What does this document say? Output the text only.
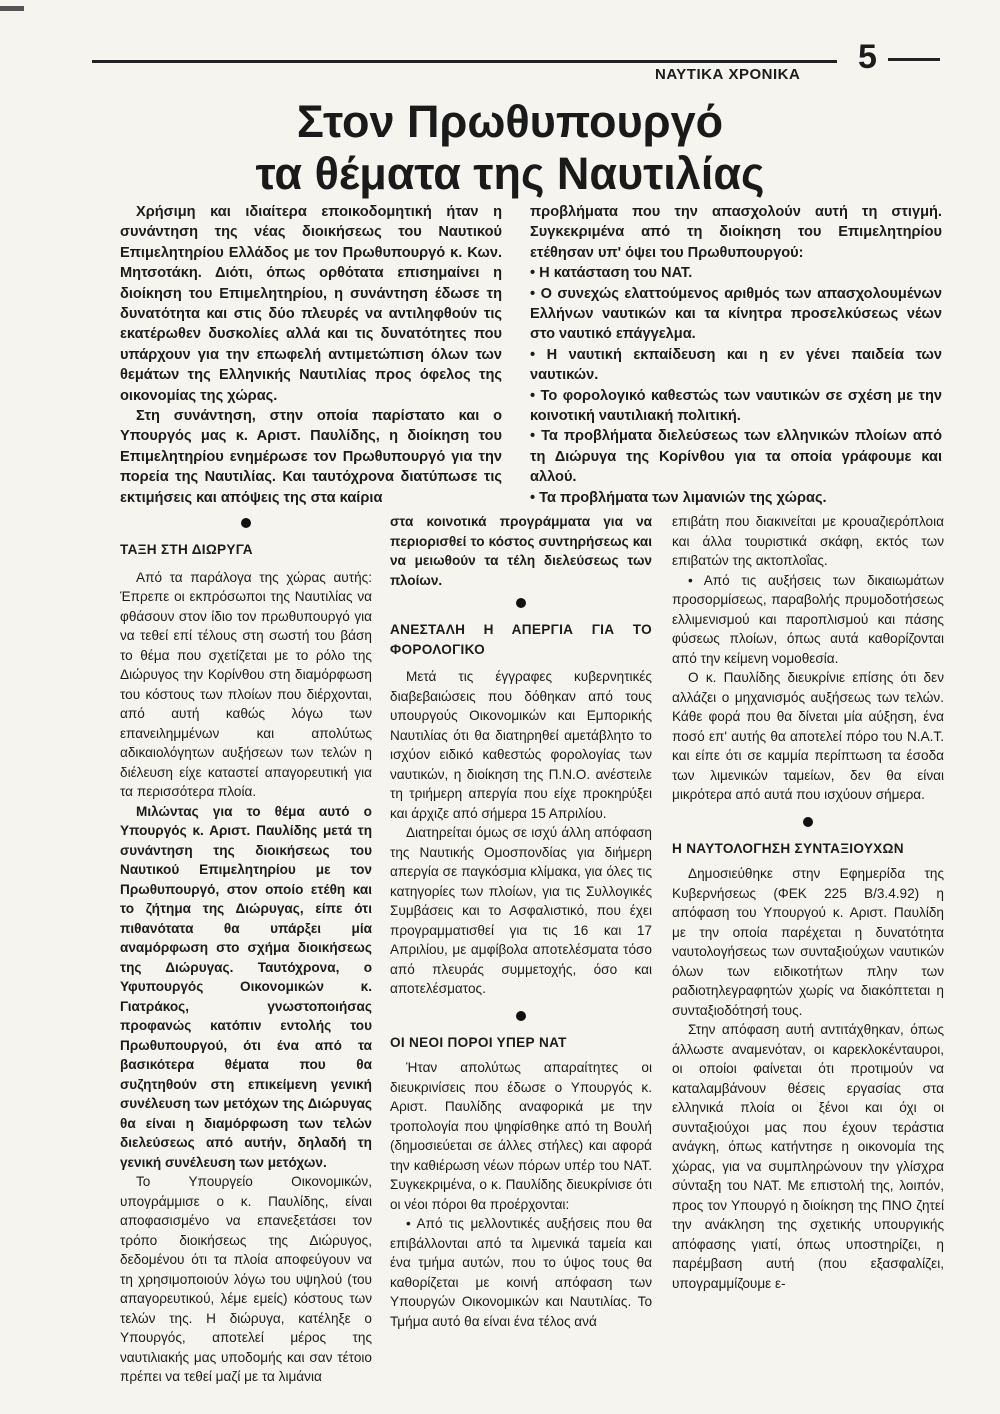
ΝΑΥΤΙΚΑ ΧΡΟΝΙΚΑ 5
Στον Πρωθυπουργό
τα θέματα της Ναυτιλίας

Χρήσιμη και ιδιαίτερα εποικοδομητική ήταν η συνάντηση της νέας διοικήσεως του Ναυτικού Επιμελητηρίου Ελλάδος με τον Πρωθυπουργό κ. Κων. Μητσοτάκη. Διότι, όπως ορθότατα επισημαίνει η διοίκηση του Επιμελητηρίου, η συνάντηση έδωσε τη δυνατότητα και στις δύο πλευρές να αντιληφθούν τις εκατέρωθεν δυσκολίες αλλά και τις δυνατότητες που υπάρχουν για την επωφελή αντιμετώπιση όλων των θεμάτων της Ελληνικής Ναυτιλίας προς όφελος της οικονομίας της χώρας.

Στη συνάντηση, στην οποία παρίστατο και ο Υπουργός μας κ. Αριστ. Παυλίδης, η διοίκηση του Επιμελητηρίου ενημέρωσε τον Πρωθυπουργό για την πορεία της Ναυτιλίας. Και ταυτόχρονα διατύπωσε τις εκτιμήσεις και απόψεις της στα καίρια

προβλήματα που την απασχολούν αυτή τη στιγμή. Συγκεκριμένα από τη διοίκηση του Επιμελητηρίου ετέθησαν υπ' όψει του Πρωθυπουργού:

• Η κατάσταση του ΝΑΤ.

• Ο συνεχώς ελαττούμενος αριθμός των απασχολουμένων Ελλήνων ναυτικών και τα κίνητρα προσελκύσεως νέων στο ναυτικό επάγγελμα.

• Η ναυτική εκπαίδευση και η εν γένει παιδεία των ναυτικών.

• Το φορολογικό καθεστώς των ναυτικών σε σχέση με την κοινοτική ναυτιλιακή πολιτική.

• Τα προβλήματα διελεύσεως των ελληνικών πλοίων από τη Διώρυγα της Κορίνθου για τα οποία γράφουμε και αλλού.

• Τα προβλήματα των λιμανιών της χώρας.

ΤΑΞΗ ΣΤΗ ΔΙΩΡΥΓΑ

Από τα παράλογα της χώρας αυτής: Έπρεπε οι εκπρόσωποι της Ναυτιλίας να φθάσουν στον ίδιο τον πρωθυπουργό για να τεθεί επί τέλους στη σωστή του βάση το θέμα που σχετίζεται με το ρόλο της Διώρυγος την Κορίνθου στη διαμόρφωση του κόστους των πλοίων που διέρχονται, από αυτή καθώς λόγω των επανειλημμένων και απολύτως αδικαιολόγητων αυξήσεων των τελών η διέλευση είχε καταστεί απαγορευτική για τα περισσότερα πλοία.

Μιλώντας για το θέμα αυτό ο Υπουργός κ. Αριστ. Παυλίδης μετά τη συνάντηση της διοικήσεως του Ναυτικού Επιμελητηρίου με τον Πρωθυπουργό, στον οποίο ετέθη και το ζήτημα της Διώρυγας, είπε ότι πιθανότατα θα υπάρξει μία αναμόρφωση στο σχήμα διοικήσεως της Διώρυγας. Ταυτόχρονα, ο Υφυπουργός Οικονομικών κ. Γιατράκος, γνωστοποιήσας προφανώς κατόπιν εντολής του Πρωθυπουργού, ότι ένα από τα βασικότερα θέματα που θα συζητηθούν στη επικείμενη γενική συνέλευση των μετόχων της Διώρυγας θα είναι η διαμόρφωση των τελών διελεύσεως από αυτήν, δηλαδή τη γενική συνέλευση των μετόχων.

Το Υπουργείο Οικονομικών, υπογράμμισε ο κ. Παυλίδης, είναι αποφασισμένο να επανεξετάσει τον τρόπο διοικήσεως της Διώρυγος, δεδομένου ότι τα πλοία αποφεύγουν να τη χρησιμοποιούν λόγω του υψηλού (του απαγορευτικού, λέμε εμείς) κόστους των τελών της. Η διώρυγα, κατέληξε ο Υπουργός, αποτελεί μέρος της ναυτιλιακής μας υποδομής και σαν τέτοιο πρέπει να τεθεί μαζί με τα λιμάνια

στα κοινοτικά προγράμματα για να περιορισθεί το κόστος συντηρήσεως και να μειωθούν τα τέλη διελεύσεως των πλοίων.

ΑΝΕΣΤΑΛΗ Η ΑΠΕΡΓΙΑ ΓΙΑ ΤΟ ΦΟΡΟΛΟΓΙΚΟ

Μετά τις έγγραφες κυβερνητικές διαβεβαιώσεις που δόθηκαν από τους υπουργούς Οικονομικών και Εμπορικής Ναυτιλίας ότι θα διατηρηθεί αμετάβλητο το ισχύον ειδικό καθεστώς φορολογίας των ναυτικών, η διοίκηση της Π.Ν.Ο. ανέστειλε τη τριήμερη απεργία που είχε προκηρύξει και άρχιζε από σήμερα 15 Απριλίου.

Διατηρείται όμως σε ισχύ άλλη απόφαση της Ναυτικής Ομοσπονδίας για διήμερη απεργία σε παγκόσμια κλίμακα, για όλες τις κατηγορίες των πλοίων, για τις Συλλογικές Συμβάσεις και το Ασφαλιστικό, που έχει προγραμματισθεί για τις 16 και 17 Απριλίου, με αμφίβολα αποτελέσματα τόσο από πλευράς συμμετοχής, όσο και αποτελέσματος.

ΟΙ ΝΕΟΙ ΠΟΡΟΙ ΥΠΕΡ ΝΑΤ

Ήταν απολύτως απαραίτητες οι διευκρινίσεις που έδωσε ο Υπουργός κ. Αριστ. Παυλίδης αναφορικά με την τροπολογία που ψηφίσθηκε από τη Βουλή (δημοσιεύεται σε άλλες στήλες) και αφορά την καθιέρωση νέων πόρων υπέρ του ΝΑΤ. Συγκεκριμένα, ο κ. Παυλίδης διευκρίνισε ότι οι νέοι πόροι θα προέρχονται:

• Από τις μελλοντικές αυξήσεις που θα επιβάλλονται από τα λιμενικά ταμεία και ένα τμήμα αυτών, που το ύψος τους θα καθορίζεται με κοινή απόφαση των Υπουργών Οικονομικών και Ναυτιλίας. Το Τμήμα αυτό θα είναι ένα τέλος ανά

επιβάτη που διακινείται με κρουαζιερόπλοια και άλλα τουριστικά σκάφη, εκτός των επιβατών της ακτοπλοΐας.

• Από τις αυξήσεις των δικαιωμάτων προσορμίσεως, παραβολής πρυμοδοτήσεως ελλιμενισμού και παροπλισμού και πάσης φύσεως πλοίων, όπως αυτά καθορίζονται από την κείμενη νομοθεσία.

Ο κ. Παυλίδης διευκρίνιε επίσης ότι δεν αλλάζει ο μηχανισμός αυξήσεως των τελών. Κάθε φορά που θα δίνεται μία αύξηση, ένα ποσό επ' αυτής θα αποτελεί πόρο του Ν.Α.Τ. και είπε ότι σε καμμία περίπτωση τα έσοδα των λιμενικών ταμείων, δεν θα είναι μικρότερα από αυτά που ισχύουν σήμερα.

Η ΝΑΥΤΟΛΟΓΗΣΗ ΣΥΝΤΑΞΙΟΥΧΩΝ

Δημοσιεύθηκε στην Εφημερίδα της Κυβερνήσεως (ΦΕΚ 225 Β/3.4.92) η απόφαση του Υπουργού κ. Αριστ. Παυλίδη με την οποία παρέχεται η δυνατότητα ναυτολογήσεως των συνταξιούχων ναυτικών όλων των ειδικοτήτων πλην των ραδιοτηλεγραφητών χωρίς να διακόπτεται η συνταξιοδότησή τους.

Στην απόφαση αυτή αντιτάχθηκαν, όπως άλλωστε αναμενόταν, οι καρεκλοκένταυροι, οι οποίοι φαίνεται ότι προτιμούν να καταλαμβάνουν θέσεις εργασίας στα ελληνικά πλοία οι ξένοι και όχι οι συνταξιούχοι μας που έχουν τεράστια ανάγκη, όπως κατήντησε η οικονομία της χώρας, για να συμπληρώνουν την γλίσχρα σύνταξη του ΝΑΤ. Με επιστολή της, λοιπόν, προς τον Υπουργό η διοίκηση της ΠΝΟ ζητεί την ανάκληση της σχετικής υπουργικής απόφασης γιατί, όπως υποστηρίζει, η παρέμβαση αυτή (που εξασφαλίζει, υπογραμμίζουμε ε-
